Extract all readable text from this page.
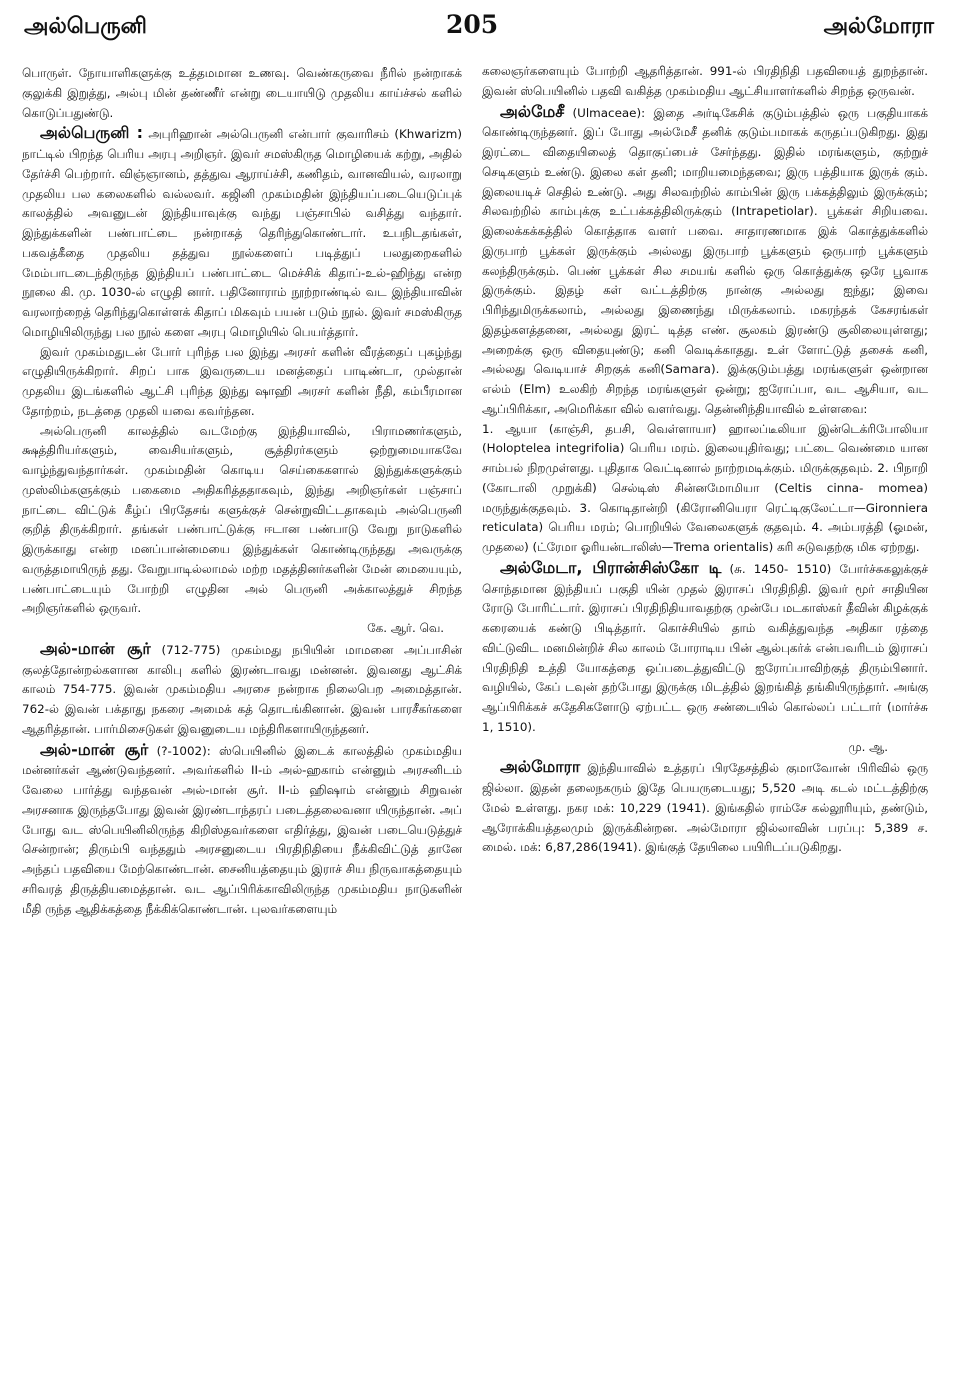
அல்பெருனி	205	அல்மோரா

பொருள். நோயாளிகளுக்கு உத்தமமான உணவு. வெண்கருவை நீரில் நன்றாகக் குலுக்கி இறுத்து, அல்பு மின் தண்ணீர் என்று டையாயிடு முதலிய காய்ச்சல் களில் கொடுப்பதுண்டு.

அல்பெருனி : அபுரிஹான் அல்பெருனி என்பார் குவாரிசம் (Khwarizm) நாட்டில் பிறந்த பெரிய அரபு அறிஞர். இவர் சமஸ்கிருத மொழியைக் கற்று, அதில் தேர்ச்சி பெற்றார். விஞ்ஞானம், தத்துவ ஆராய்ச்சி, கணிதம், வானவியல், வரலாறு முதலிய பல கலைகளில் வல்லவர். கஜினி முகம்மதின் இந்தியப்படையெடுப்புக் காலத்தில் அவனுடன் இந்தியாவுக்கு வந்து பஞ்சாபில் வசித்து வந்தார். இந்துக்களின் பண்பாட்டை நன்றாகத் தெரிந்துகொண்டார். உபநிடதங்கள், பகவத்கீதை முதலிய தத்துவ நூல்களைப் படித்துப் பலதுறைகளில் மேம்பாடடைந்திருந்த இந்தியப் பண்பாட்டை மெச்சிக் கிதாப்-உல்-ஹிந்து என்ற நூலை கி. மு. 1030-ல் எழுதி னார். பதினோராம் நூற்றாண்டில் வட இந்தியாவின் வரலாற்றைத் தெரிந்துகொள்ளக் கிதாப் மிகவும் பயன் படும் நூல். இவர் சமஸ்கிருத மொழியிலிருந்து பல நூல் களை அரபு மொழியில் பெயர்த்தார்.

இவர் முகம்மதுடன் போர் புரிந்த பல இந்து அரசர் களின் வீரத்தைப் புகழ்ந்து எழுதியிருக்கிறார். சிறப் பாக இவருடைய மனத்தைப் பாடிண்டா, முல்தான் முதலிய இடங்களில் ஆட்சி புரிந்த இந்து ஷாஹி அரசர் களின் நீதி, கம்பீரமான தோற்றம், நடத்தை முதலி யவை கவர்ந்தன.

அல்பெருனி காலத்தில் வடமேற்கு இந்தியாவில், பிராமணர்களும், க்ஷத்திரியர்களும், வைசியர்களும், சூத்திரர்களும் ஒற்றுமையாகவே வாழ்ந்துவந்தார்கள். முகம்மதின் கொடிய செய்கைகளால் இந்துக்களுக்கும் முஸ்லிம்களுக்கும் பகைமை அதிகரித்ததாகவும், இந்து அறிஞர்கள் பஞ்சாப் நாட்டை விட்டுக் கீழ்ப் பிரதேசங் களுக்குச் சென்றுவிட்டதாகவும் அல்பெருனி குறித் திருக்கிறார். தங்கள் பண்பாட்டுக்கு ஈடான பண்பாடு வேறு நாடுகளில் இருக்காது என்ற மனப்பான்மையை இந்துக்கள் கொண்டிருந்தது அவருக்கு வருத்தமாயிருந் தது. வேறுபாடில்லாமல் மற்ற மதத்தினர்களின் மேன் மையையும், பண்பாட்டையும் போற்றி எழுதின அல் பெருனி அக்காலத்துச் சிறந்த அறிஞர்களில் ஒருவர்.

கே. ஆர். வெ.

அல்-மான் சூர் (712-775) முகம்மது நபியின் மாமனை அப்பாசின் குலத்தோன்றல்களான காலிபு களில் இரண்டாவது மன்னன். இவனது ஆட்சிக் காலம் 754-775. இவன் முகம்மதிய அரசை நன்றாக நிலைபெற அமைத்தான். 762-ல் இவன் பக்தாது நகரை அமைக் கத் தொடங்கினான். இவன் பாரசீகர்களை ஆதரித்தான். பார்மிசைடுகள் இவனுடைய மந்திரிகளாயிருந்தனர்.

அல்-மான் சூர் (?-1002): ஸ்பெயினில் இடைக் காலத்தில் முகம்மதிய மன்னர்கள் ஆண்டுவந்தனர். அவர்களில் II-ம் அல்-ஹகாம் என்னும் அரசனிடம் வேலை பார்த்து வந்தவன் அல்-மான் சூர். II-ம் ஹிஷாம் என்னும் சிறுவன் அரசனாக இருந்தபோது இவன் இரண்டாந்தரப் படைத்தலைவனா யிருந்தான். அப் போது வட ஸ்பெயினிலிருந்த கிறிஸ்தவர்களை எதிர்த்து, இவன் படையெடுத்துச் சென்றான்; திரும்பி வந்ததும் அரசனுடைய பிரதிநிதியை நீக்கிவிட்டுத் தானே அந்தப் பதவியை மேற்கொண்டான். சைனியத்தையும் இராச் சிய நிருவாகத்தையும் சரிவரத் திருத்தியமைத்தான். வட ஆப்பிரிக்காவிலிருந்த முகம்மதிய நாடுகளின் மீதி ருந்த ஆதிக்கத்தை நீக்கிக்கொண்டான். புலவர்களையும்

கலைஞர்களையும் போற்றி ஆதரித்தான். 991-ல் பிரதிநிதி பதவியைத் துறந்தான். இவன் ஸ்பெயினில் பதவி வகித்த முகம்மதிய ஆட்சியாளர்களில் சிறந்த ஒருவன்.

அல்மேசீ (Ulmaceae): இதை அர்டிகேசிக் குடும்பத்தில் ஒரு பகுதியாகக் கொண்டிருந்தனர். இப் போது அல்மேசீ தனிக் குடும்பமாகக் கருதப்படுகிறது. இது இரட்டை விதையிலைத் தொகுப்பைச் சேர்ந்தது. இதில் மரங்களும், குற்றுச் செடிகளும் உண்டு. இலை கள் தனி; மாறியமைந்தவை; இரு பத்தியாக இருக் கும். இலையடிச் செதில் உண்டு. அது சிலவற்றில் காம்பின் இரு பக்கத்திலும் இருக்கும்; சிலவற்றில் காம்புக்கு உட்பக்கத்திலிருக்கும் (Intrapetiolar). பூக்கள் சிறியவை. இலைக்கக்கத்தில் கொத்தாக வளர் பவை. சாதாரணமாக இக் கொத்துக்களில் இருபாற் பூக்கள் இருக்கும் அல்லது இருபாற் பூக்களும் ஒருபாற் பூக்களும் கலந்திருக்கும். பெண் பூக்கள் சில சமயங் களில் ஒரு கொத்துக்கு ஒரே பூவாக இருக்கும். இதழ் கள் வட்டத்திற்கு நான்கு அல்லது ஐந்து; இவை பிரிந்துமிருக்கலாம், அல்லது இணைந்து மிருக்கலாம். மகரந்தக் கேசரங்கள் இதழ்களத்தனை, அல்லது இரட் டித்த எண். சூலகம் இரண்டு சூலிலையுள்ளது; அறைக்கு ஒரு விதையுண்டு; கனி வெடிக்காதது. உள் ளோட்டுத் தசைக் கனி, அல்லது வெடியாச் சிறகுக் கனி(Samara). இக்குடும்பத்து மரங்களுள் ஒன்றான எல்ம் (Elm) உலகிற் சிறந்த மரங்களுள் ஒன்று; ஐரோப்பா, வட ஆசியா, வட ஆப்பிரிக்கா, அமெரிக்கா வில் வளர்வது. தென்னிந்தியாவில் உள்ளவை:

1. ஆயா (காஞ்சி, தபசி, வெள்ளாயா) ஹாலப்டீலியா இன்டெக்ரிபோலியா (Holoptelea integrifolia) பெரிய மரம். இலையுதிர்வது; பட்டை வெண்மை யான சாம்பல் நிறமுள்ளது. புதிதாக வெட்டினால் நாற்றமடிக்கும். மிருக்குதவும். 2. பிநாறி (கோடாலி முறுக்கி) செல்டிஸ் சின்னமோமியா (Celtis cinna- momea) மருந்துக்குதவும். 3. கொடிதான்றி (கிரோனியெரா ரெட்டிகுலேட்டா—Gironniera reticulata) பெரிய மரம்; பொறியில் வேலைகளுக் குதவும். 4. அம்பரத்தி (ஓமன், முதலை) (ட்ரேமா ஓரியன்டாலிஸ்—Trema orientalis) கரி சுடுவதற்கு மிக ஏற்றது.

அல்மேடா, பிரான்சிஸ்கோ டி (சு. 1450- 1510) போர்ச்சுகலுக்குச் சொந்தமான இந்தியப் பகுதி யின் முதல் இராசப் பிரதிநிதி. இவர் மூர் சாதியின ரோடு போரிட்டார். இராசப் பிரதிநிதியாவதற்கு முன்பே மடகாஸ்கர் தீவின் கிழக்குக் கரையைக் கண்டு பிடித்தார். கொச்சியில் தாம் வகித்துவந்த அதிகா ரத்தை விட்டுவிட மனமின்றிச் சில காலம் போராடிய பின் ஆல்புகர்க் என்பவரிடம் இராசப் பிரதிநிதி உத்தி யோகத்தை ஒப்படைத்துவிட்டு ஐரோப்பாவிற்குத் திரும்பினார். வழியில், கேப் டவுன் தற்போது இருக்கு மிடத்தில் இறங்கித் தங்கியிருந்தார். அங்கு ஆப்பிரிக்கச் சுதேசிகளோடு ஏற்பட்ட ஒரு சண்டையில் கொல்லப் பட்டார் (மார்ச்சு 1, 1510).

மு. ஆ.

அல்மோரா இந்தியாவில் உத்தரப் பிரதேசத்தில் குமாவோன் பிரிவில் ஒரு ஜில்லா. இதன் தலைநகரும் இதே பெயருடையது; 5,520 அடி கடல் மட்டத்திற்கு மேல் உள்ளது. நகர மக்: 10,229 (1941). இங்கதில் ராம்சே கல்லூரியும், தண்டும், ஆரோக்கியத்தலமும் இருக்கின்றன. அல்மோரா ஜில்லாவின் பரப்பு: 5,389 ச. மைல். மக்: 6,87,286(1941). இங்குத் தேயிலை பயிரிடப்படுகிறது.
